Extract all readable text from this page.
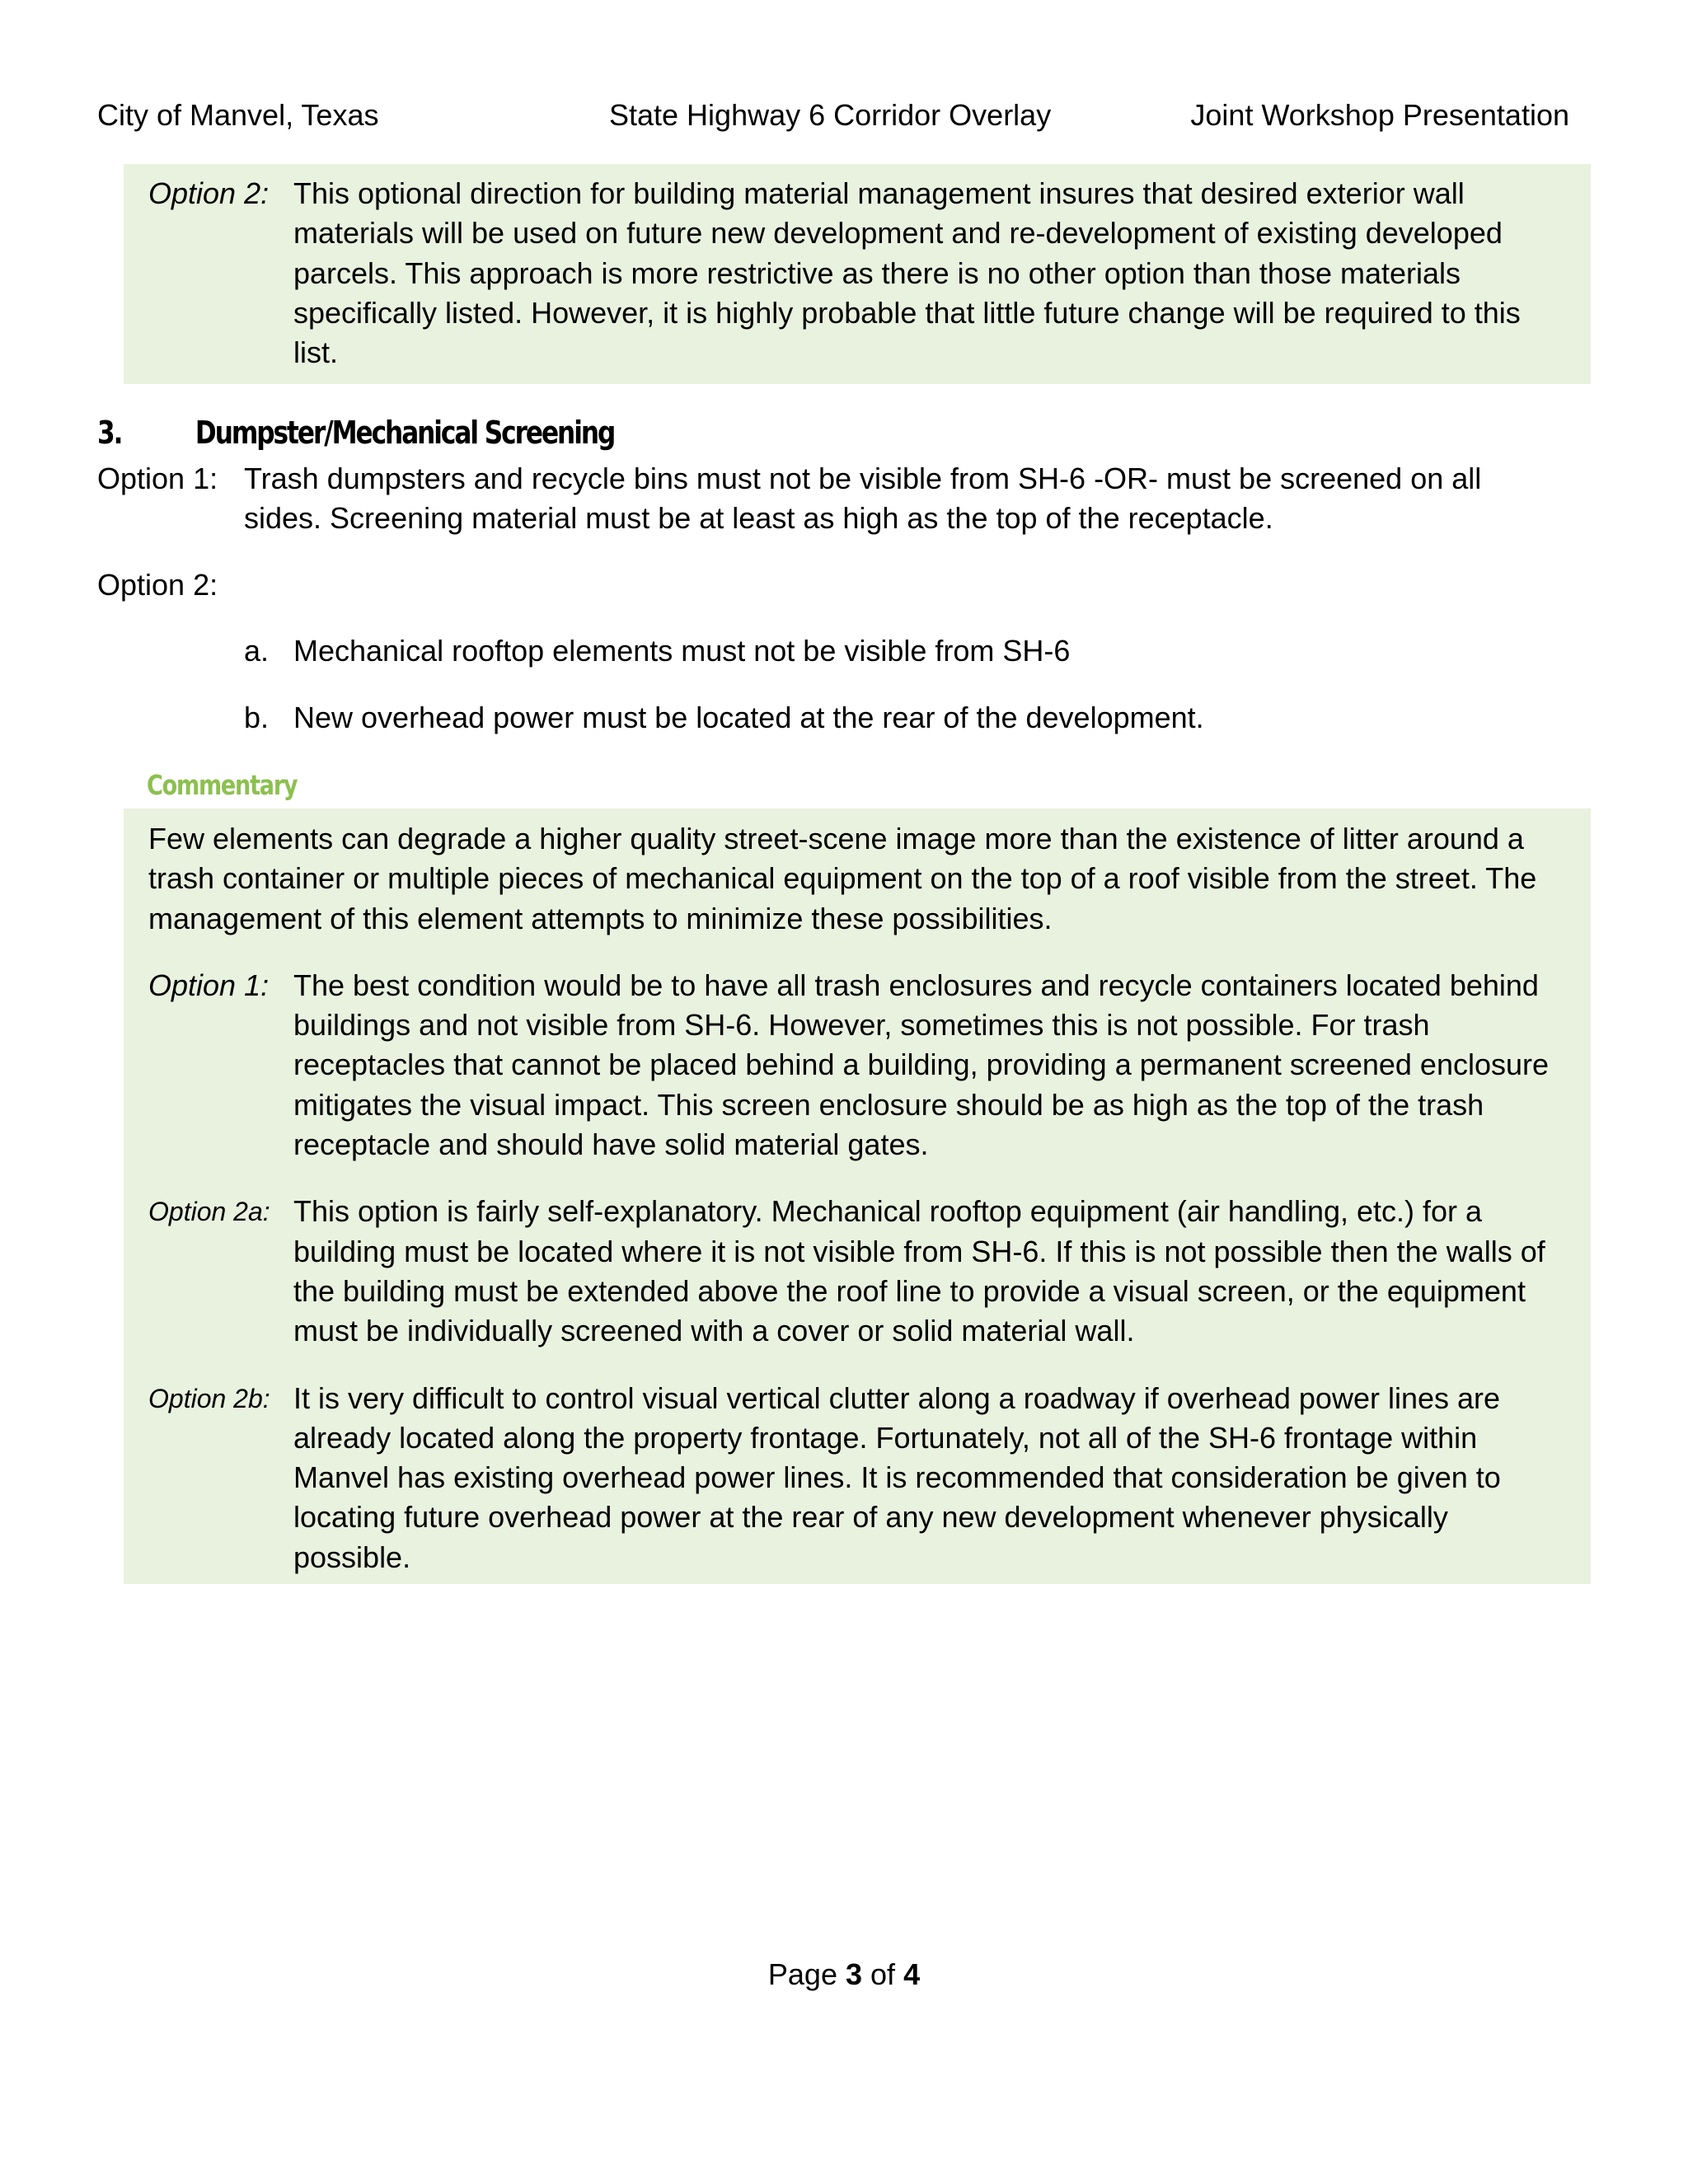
City of Manvel, Texas	State Highway 6 Corridor Overlay	Joint Workshop Presentation
Option 2: This optional direction for building material management insures that desired exterior wall materials will be used on future new development and re-development of existing developed parcels. This approach is more restrictive as there is no other option than those materials specifically listed. However, it is highly probable that little future change will be required to this list.
3. Dumpster/Mechanical Screening
Option 1: Trash dumpsters and recycle bins must not be visible from SH-6 -OR- must be screened on all sides. Screening material must be at least as high as the top of the receptacle.
Option 2:
a. Mechanical rooftop elements must not be visible from SH-6
b. New overhead power must be located at the rear of the development.
Commentary
Few elements can degrade a higher quality street-scene image more than the existence of litter around a trash container or multiple pieces of mechanical equipment on the top of a roof visible from the street. The management of this element attempts to minimize these possibilities.
Option 1: The best condition would be to have all trash enclosures and recycle containers located behind buildings and not visible from SH-6. However, sometimes this is not possible. For trash receptacles that cannot be placed behind a building, providing a permanent screened enclosure mitigates the visual impact. This screen enclosure should be as high as the top of the trash receptacle and should have solid material gates.
Option 2a: This option is fairly self-explanatory. Mechanical rooftop equipment (air handling, etc.) for a building must be located where it is not visible from SH-6. If this is not possible then the walls of the building must be extended above the roof line to provide a visual screen, or the equipment must be individually screened with a cover or solid material wall.
Option 2b: It is very difficult to control visual vertical clutter along a roadway if overhead power lines are already located along the property frontage. Fortunately, not all of the SH-6 frontage within Manvel has existing overhead power lines. It is recommended that consideration be given to locating future overhead power at the rear of any new development whenever physically possible.
Page 3 of 4
